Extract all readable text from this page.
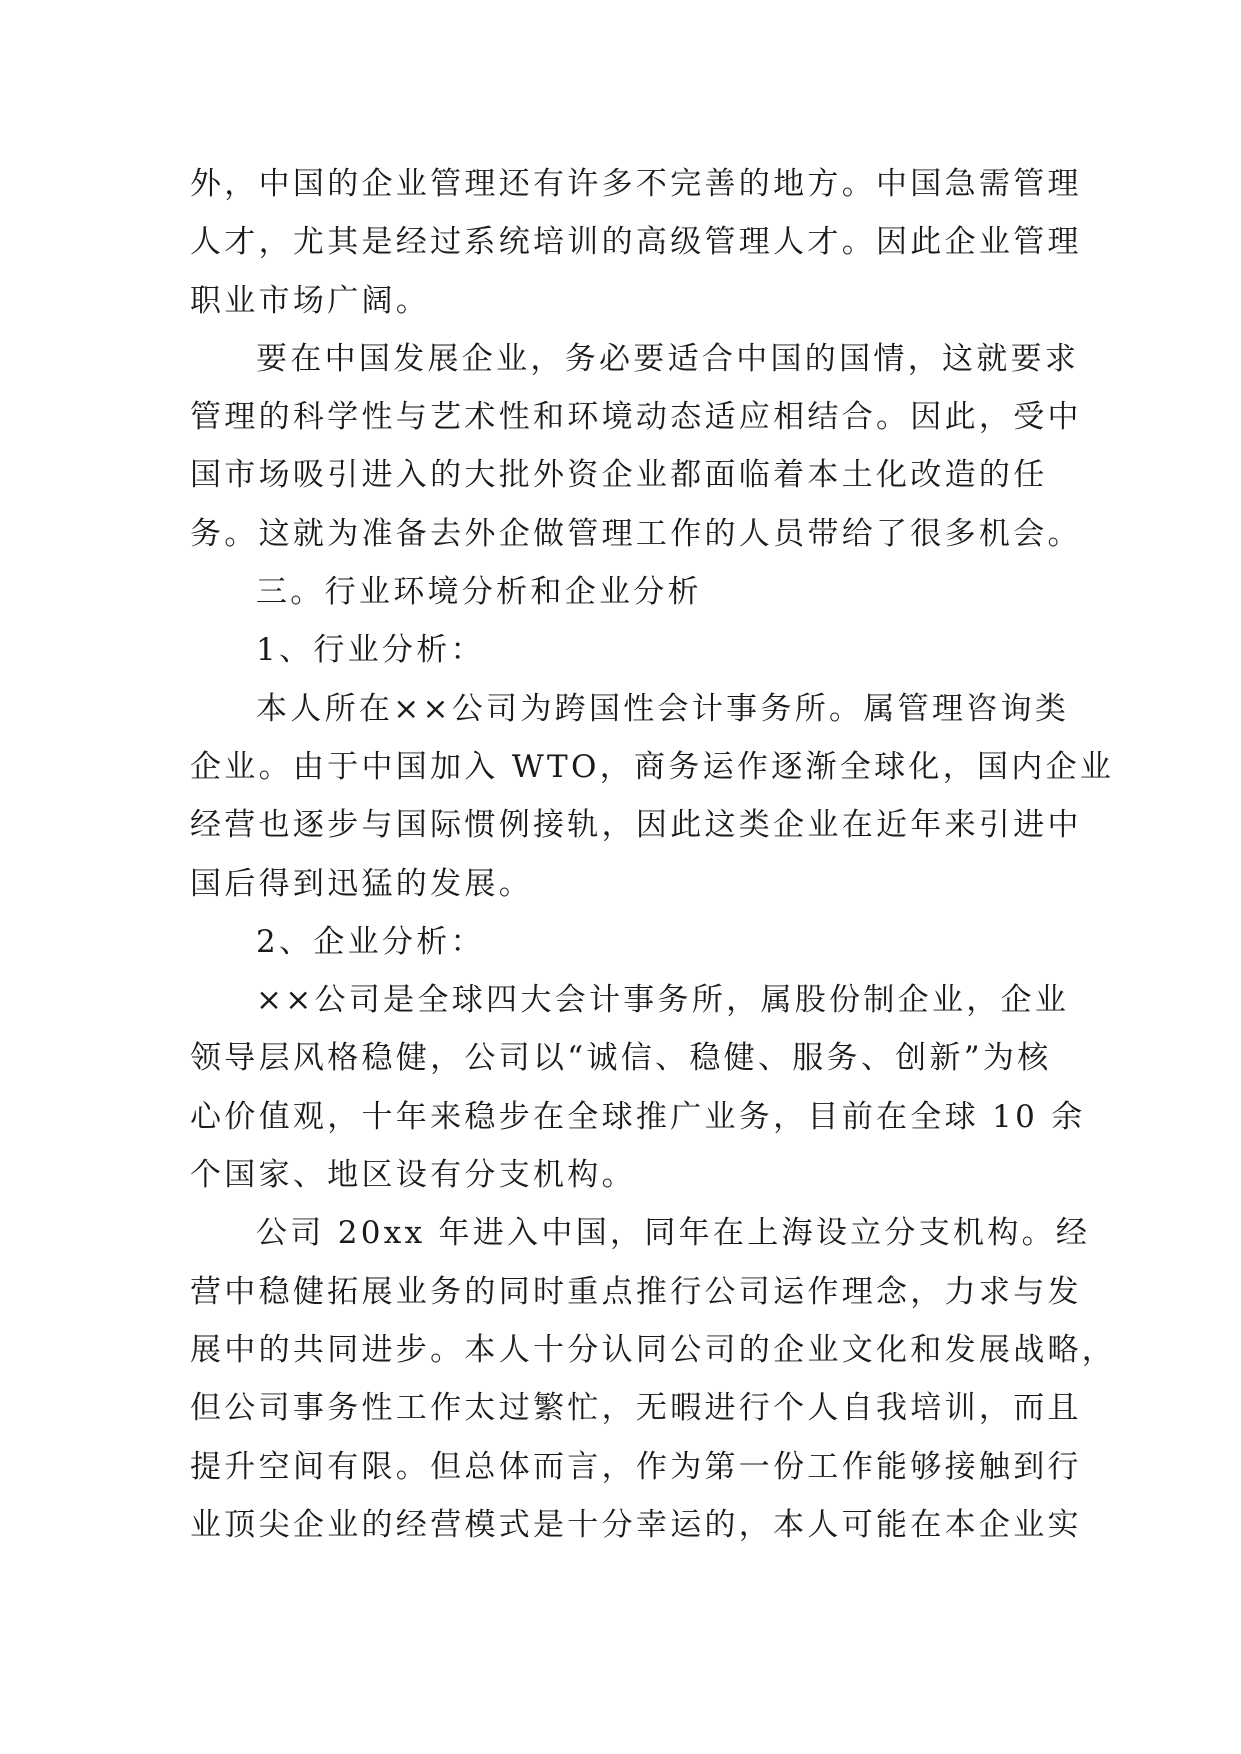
外，中国的企业管理还有许多不完善的地方。中国急需管理
人才，尤其是经过系统培训的高级管理人才。因此企业管理
职业市场广阔。
要在中国发展企业，务必要适合中国的国情，这就要求
管理的科学性与艺术性和环境动态适应相结合。因此，受中
国市场吸引进入的大批外资企业都面临着本土化改造的任
务。这就为准备去外企做管理工作的人员带给了很多机会。
三。行业环境分析和企业分析
1、行业分析：
本人所在××公司为跨国性会计事务所。属管理咨询类
企业。由于中国加入 WTO，商务运作逐渐全球化，国内企业
经营也逐步与国际惯例接轨，因此这类企业在近年来引进中
国后得到迅猛的发展。
2、企业分析：
××公司是全球四大会计事务所，属股份制企业，企业
领导层风格稳健，公司以“诚信、稳健、服务、创新”为核
心价值观，十年来稳步在全球推广业务，目前在全球 10 余
个国家、地区设有分支机构。
公司 20xx 年进入中国，同年在上海设立分支机构。经
营中稳健拓展业务的同时重点推行公司运作理念，力求与发
展中的共同进步。本人十分认同公司的企业文化和发展战略，
但公司事务性工作太过繁忙，无暇进行个人自我培训，而且
提升空间有限。但总体而言，作为第一份工作能够接触到行
业顶尖企业的经营模式是十分幸运的，本人可能在本企业实
